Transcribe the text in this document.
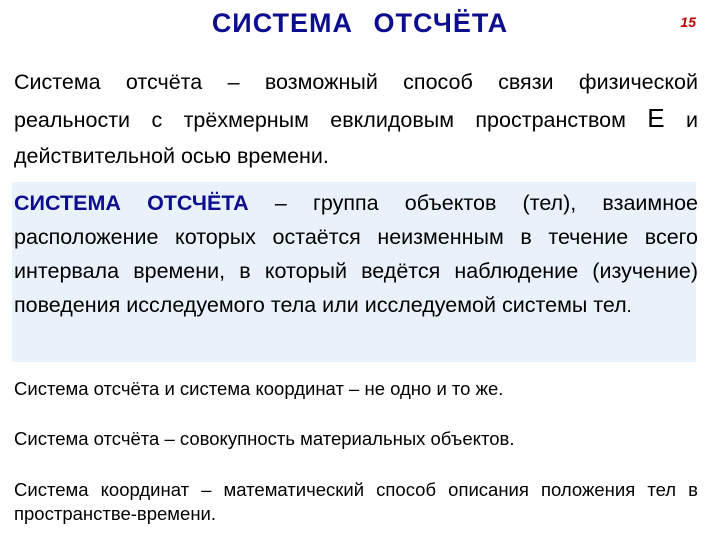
СИСТЕМА ОТСЧЁТА	15
Система отсчёта – возможный способ связи физической реальности с трёхмерным евклидовым пространством Е и действительной осью времени.
СИСТЕМА ОТСЧЁТА – группа объектов (тел), взаимное расположение которых остаётся неизменным в течение всего интервала времени, в который ведётся наблюдение (изучение) поведения исследуемого тела или исследуемой системы тел.
Система отсчёта и система координат – не одно и то же.
Система отсчёта – совокупность материальных объектов.
Система координат – математический способ описания положения тел в пространстве-времени.
